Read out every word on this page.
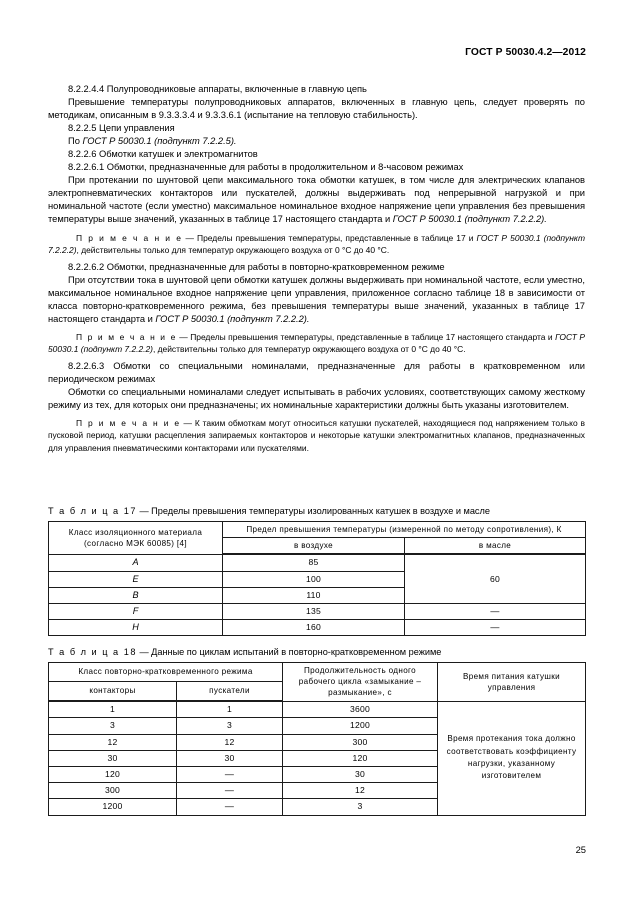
ГОСТ Р 50030.4.2—2012

8.2.2.4.4 Полупроводниковые аппараты, включенные в главную цепь

Превышение температуры полупроводниковых аппаратов, включенных в главную цепь, следует проверять по методикам, описанным в 9.3.3.3.4 и 9.3.3.6.1 (испытание на тепловую стабильность).

8.2.2.5 Цепи управления

По ГОСТ Р 50030.1 (подпункт 7.2.2.5).

8.2.2.6 Обмотки катушек и электромагнитов

8.2.2.6.1 Обмотки, предназначенные для работы в продолжительном и 8-часовом режимах

При протекании по шунтовой цепи максимального тока обмотки катушек, в том числе для электрических клапанов электропневматических контакторов или пускателей, должны выдерживать под непрерывной нагрузкой и при номинальной частоте (если уместно) максимальное номинальное входное напряжение цепи управления без превышения температуры выше значений, указанных в таблице 17 настоящего стандарта и ГОСТ Р 50030.1 (подпункт 7.2.2.2).

П р и м е ч а н и е — Пределы превышения температуры, представленные в таблице 17 и ГОСТ Р 50030.1 (подпункт 7.2.2.2), действительны только для температур окружающего воздуха от 0 °С до 40 °С.

8.2.2.6.2 Обмотки, предназначенные для работы в повторно-кратковременном режиме

При отсутствии тока в шунтовой цепи обмотки катушек должны выдерживать при номинальной частоте, если уместно, максимальное номинальное входное напряжение цепи управления, приложенное согласно таблице 18 в зависимости от класса повторно-кратковременного режима, без превышения температуры выше значений, указанных в таблице 17 настоящего стандарта и ГОСТ Р 50030.1 (подпункт 7.2.2.2).

П р и м е ч а н и е — Пределы превышения температуры, представленные в таблице 17 настоящего стандарта и ГОСТ Р 50030.1 (подпункт 7.2.2.2), действительны только для температур окружающего воздуха от 0 °С до 40 °С.

8.2.2.6.3 Обмотки со специальными номиналами, предназначенные для работы в кратковременном или периодическом режимах

Обмотки со специальными номиналами следует испытывать в рабочих условиях, соответствующих самому жесткому режиму из тех, для которых они предназначены; их номинальные характеристики должны быть указаны изготовителем.

П р и м е ч а н и е — К таким обмоткам могут относиться катушки пускателей, находящиеся под напряжением только в пусковой период, катушки расцепления запираемых контакторов и некоторые катушки электромагнитных клапанов, предназначенных для управления пневматическими контакторами или пускателями.

Т а б л и ц а 17 — Пределы превышения температуры изолированных катушек в воздухе и масле

Класс изоляционного материала
(согласно МЭК 60085) [4]	Предел превышения температуры (измеренной по методу сопротивления), К	
	в воздухе	в масле
A	85	60
E	100	
B	110	
F	135	—
H	160	—

Т а б л и ц а 18 — Данные по циклам испытаний в повторно-кратковременном режиме

Класс повторно-кратковременного режима		Продолжительность одного
рабочего цикла «замыкание –
размыкание», с	Время питания катушки
управления
контакторы	пускатели		
1	1	3600	Время протекания тока должно соответствовать коэффициенту нагрузки, указанному изготовителем
3	3	1200	
12	12	300	
30	30	120	
120	—	30	
300	—	12	
1200	—	3	
25
